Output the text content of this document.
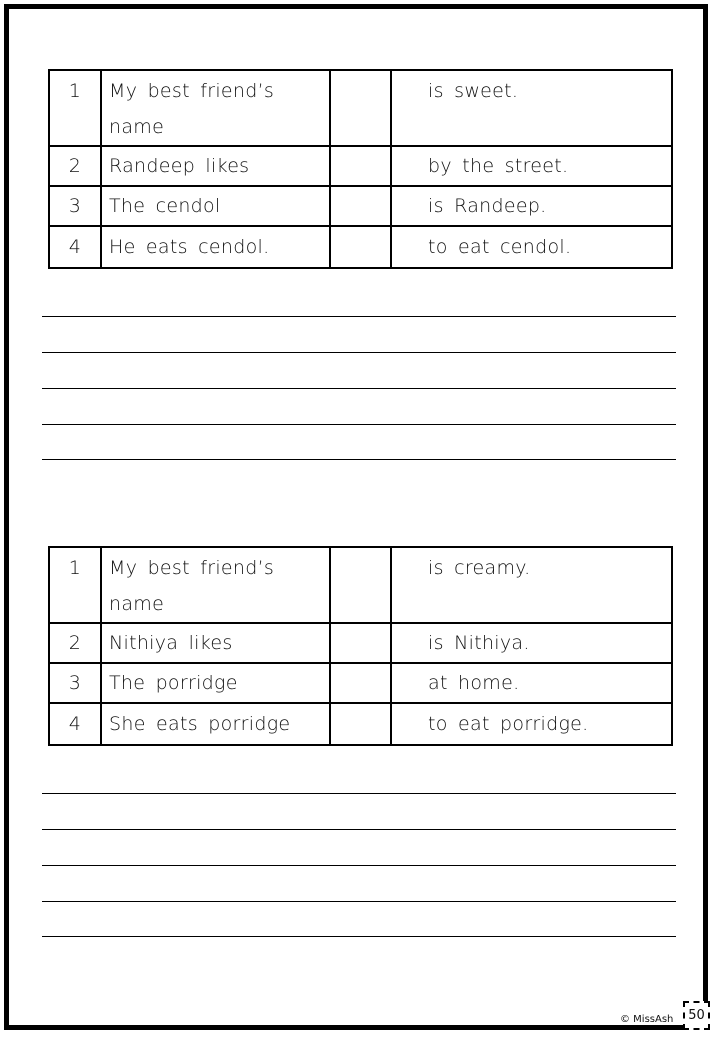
1	My best friend’s name		is sweet.
2	Randeep likes		by the street.
3	The cendol		is Randeep.
4	He eats cendol.		to eat cendol.
1	My best friend’s name		is creamy.
2	Nithiya likes		is Nithiya.
3	The porridge		at home.
4	She eats porridge		to eat porridge.
© MissAsh	50
